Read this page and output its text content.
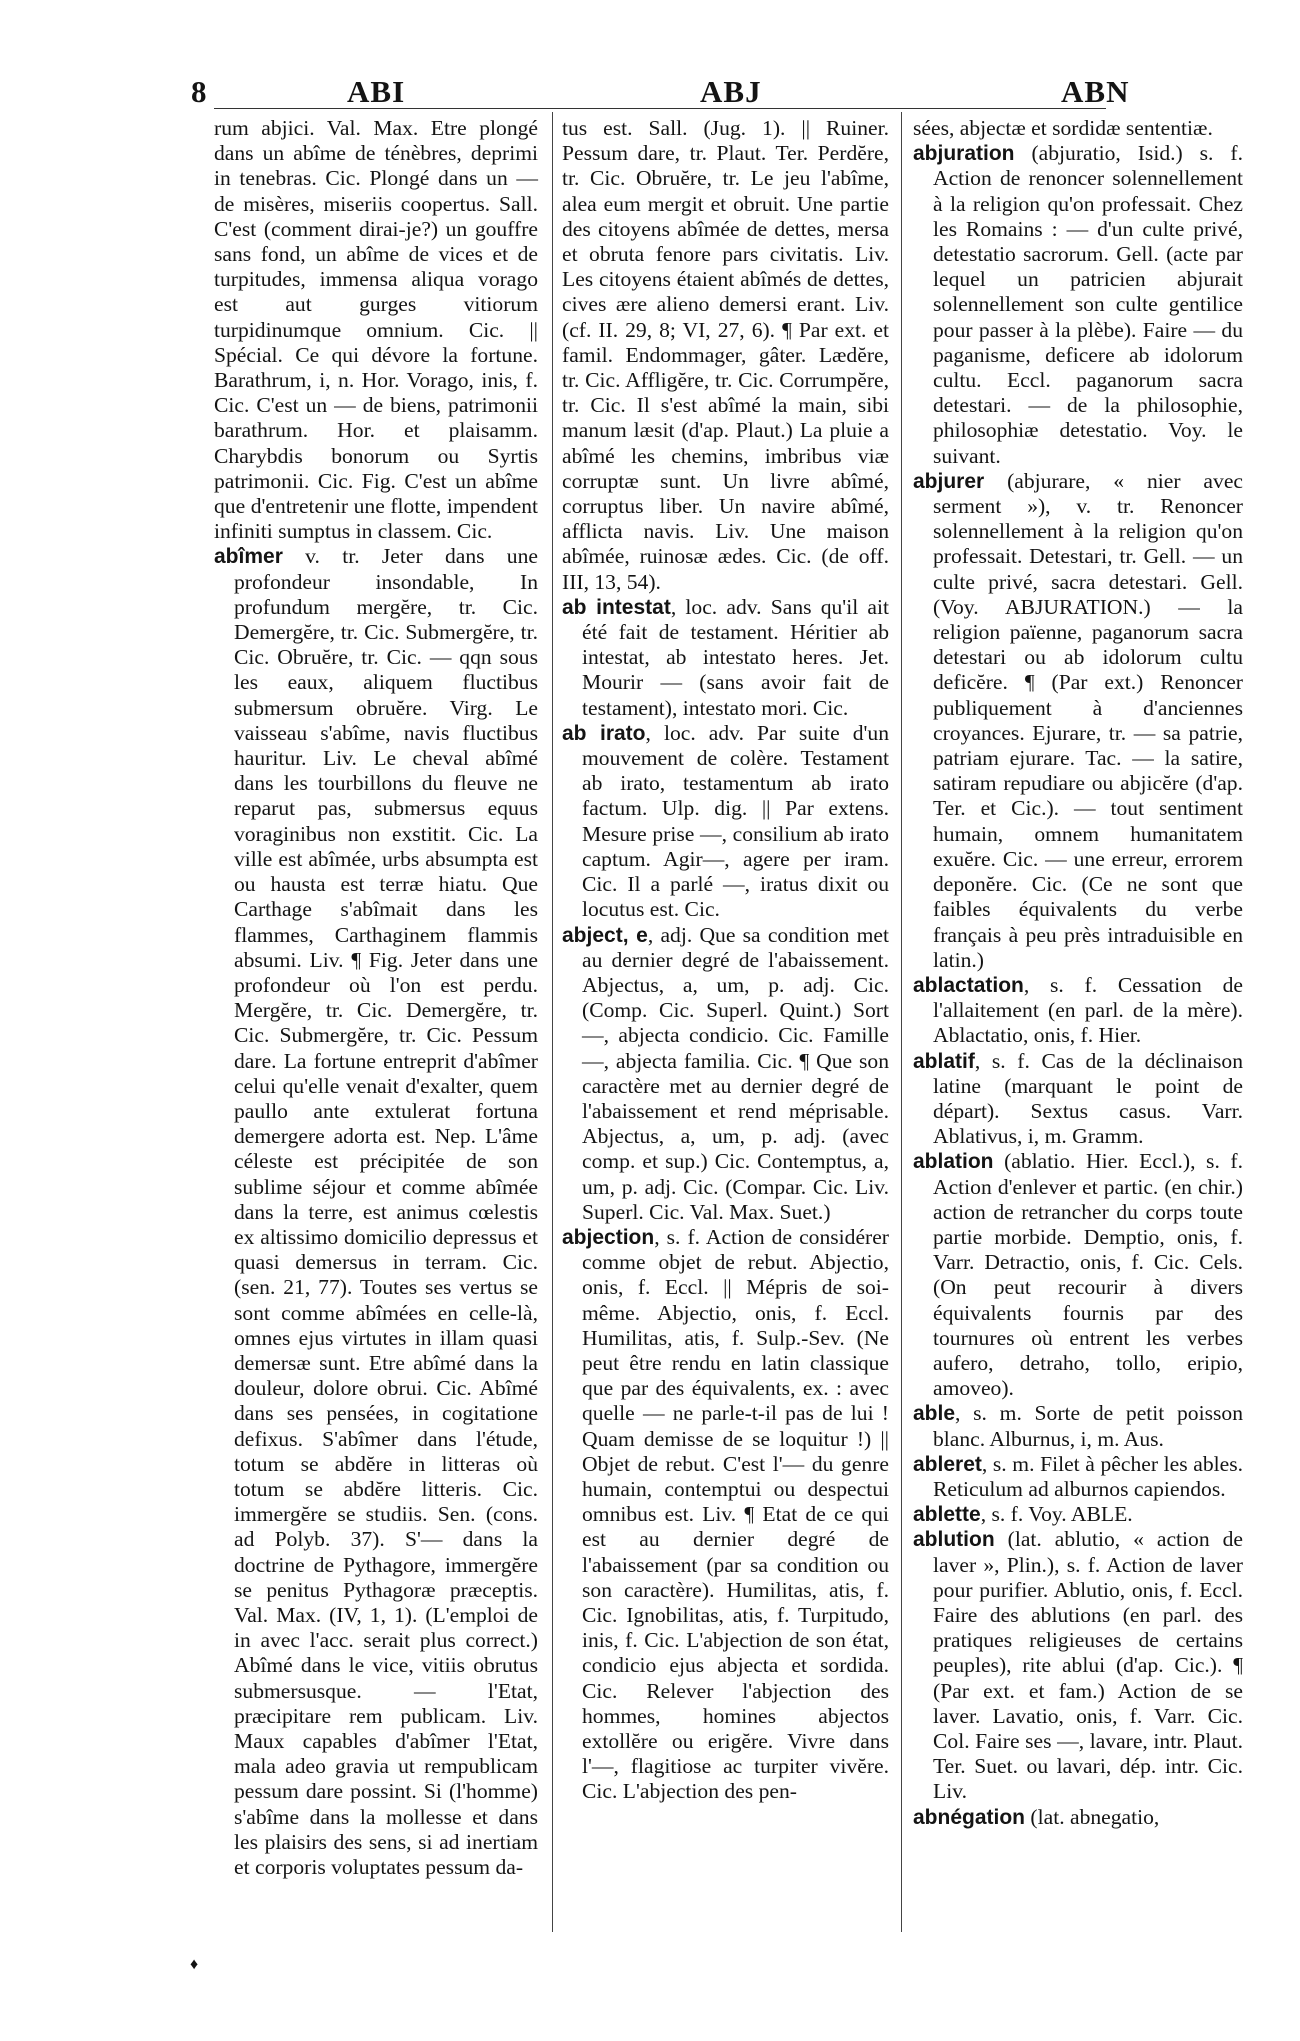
8	ABI	ABJ	ABN

rum abjici. Val. Max. Etre plongé dans un abîme de ténèbres, deprimi in tenebras. Cic. Plongé dans un — de misères, miseriis coopertus. Sall. C'est (comment dirai-je?) un gouffre sans fond, un abîme de vices et de turpitudes, immensa aliqua vorago est aut gurges vitiorum turpidinumque omnium. Cic. || Spécial. Ce qui dévore la fortune. Barathrum, i, n. Hor. Vorago, inis, f. Cic. C'est un — de biens, patrimonii barathrum. Hor. et plaisamm. Charybdis bonorum ou Syrtis patrimonii. Cic. Fig. C'est un abîme que d'entretenir une flotte, impendent infiniti sumptus in classem. Cic.

abîmer v. tr. Jeter dans une profondeur insondable, In profundum mergĕre, tr. Cic. Demergĕre, tr. Cic. Submergĕre, tr. Cic. Obruĕre, tr. Cic. — qqn sous les eaux, aliquem fluctibus submersum obruĕre. Virg. Le vaisseau s'abîme, navis fluctibus hauritur. Liv. Le cheval abîmé dans les tourbillons du fleuve ne reparut pas, submersus equus voraginibus non exstitit. Cic. La ville est abîmée, urbs absumpta est ou hausta est terræ hiatu. Que Carthage s'abîmait dans les flammes, Carthaginem flammis absumi. Liv. ¶ Fig. Jeter dans une profondeur où l'on est perdu. Mergĕre, tr. Cic. Demergĕre, tr. Cic. Submergĕre, tr. Cic. Pessum dare. La fortune entreprit d'abîmer celui qu'elle venait d'exalter, quem paullo ante extulerat fortuna demergere adorta est. Nep. L'âme céleste est précipitée de son sublime séjour et comme abîmée dans la terre, est animus cœlestis ex altissimo domicilio depressus et quasi demersus in terram. Cic. (sen. 21, 77). Toutes ses vertus se sont comme abîmées en celle-là, omnes ejus virtutes in illam quasi demersæ sunt. Etre abîmé dans la douleur, dolore obrui. Cic. Abîmé dans ses pensées, in cogitatione defixus. S'abîmer dans l'étude, totum se abdĕre in litteras où totum se abdĕre litteris. Cic. immergĕre se studiis. Sen. (cons. ad Polyb. 37). S'— dans la doctrine de Pythagore, immergĕre se penitus Pythagoræ præceptis. Val. Max. (IV, 1, 1). (L'emploi de in avec l'acc. serait plus correct.) Abîmé dans le vice, vitiis obrutus submersusque. — l'Etat, præcipitare rem publicam. Liv. Maux capables d'abîmer l'Etat, mala adeo gravia ut rempublicam pessum dare possint. Si (l'homme) s'abîme dans la mollesse et dans les plaisirs des sens, si ad inertiam et corporis voluptates pessum da-

tus est. Sall. (Jug. 1). || Ruiner. Pessum dare, tr. Plaut. Ter. Perdĕre, tr. Cic. Obruĕre, tr. Le jeu l'abîme, alea eum mergit et obruit. Une partie des citoyens abîmée de dettes, mersa et obruta fenore pars civitatis. Liv. Les citoyens étaient abîmés de dettes, cives ære alieno demersi erant. Liv. (cf. II. 29, 8; VI, 27, 6). ¶ Par ext. et famil. Endommager, gâter. Lædĕre, tr. Cic. Affligĕre, tr. Cic. Corrumpĕre, tr. Cic. Il s'est abîmé la main, sibi manum læsit (d'ap. Plaut.) La pluie a abîmé les chemins, imbribus viæ corruptæ sunt. Un livre abîmé, corruptus liber. Un navire abîmé, afflicta navis. Liv. Une maison abîmée, ruinosæ ædes. Cic. (de off. III, 13, 54).

ab intestat, loc. adv. Sans qu'il ait été fait de testament. Héritier ab intestat, ab intestato heres. Jet. Mourir — (sans avoir fait de testament), intestato mori. Cic.

ab irato, loc. adv. Par suite d'un mouvement de colère. Testament ab irato, testamentum ab irato factum. Ulp. dig. || Par extens. Mesure prise —, consilium ab irato captum. Agir—, agere per iram. Cic. Il a parlé —, iratus dixit ou locutus est. Cic.

abject, e, adj. Que sa condition met au dernier degré de l'abaissement. Abjectus, a, um, p. adj. Cic. (Comp. Cic. Superl. Quint.) Sort —, abjecta condicio. Cic. Famille —, abjecta familia. Cic. ¶ Que son caractère met au dernier degré de l'abaissement et rend méprisable. Abjectus, a, um, p. adj. (avec comp. et sup.) Cic. Contemptus, a, um, p. adj. Cic. (Compar. Cic. Liv. Superl. Cic. Val. Max. Suet.)

abjection, s. f. Action de considérer comme objet de rebut. Abjectio, onis, f. Eccl. || Mépris de soi-même. Abjectio, onis, f. Eccl. Humilitas, atis, f. Sulp.-Sev. (Ne peut être rendu en latin classique que par des équivalents, ex. : avec quelle — ne parle-t-il pas de lui ! Quam demisse de se loquitur !) || Objet de rebut. C'est l'— du genre humain, contemptui ou despectui omnibus est. Liv. ¶ Etat de ce qui est au dernier degré de l'abaissement (par sa condition ou son caractère). Humilitas, atis, f. Cic. Ignobilitas, atis, f. Turpitudo, inis, f. Cic. L'abjection de son état, condicio ejus abjecta et sordida. Cic. Relever l'abjection des hommes, homines abjectos extollĕre ou erigĕre. Vivre dans l'—, flagitiose ac turpiter vivĕre. Cic. L'abjection des pen-

sées, abjectæ et sordidæ sententiæ.

abjuration (abjuratio, Isid.) s. f. Action de renoncer solennellement à la religion qu'on professait. Chez les Romains : — d'un culte privé, detestatio sacrorum. Gell. (acte par lequel un patricien abjurait solennellement son culte gentilice pour passer à la plèbe). Faire — du paganisme, deficere ab idolorum cultu. Eccl. paganorum sacra detestari. — de la philosophie, philosophiæ detestatio. Voy. le suivant.

abjurer (abjurare, « nier avec serment »), v. tr. Renoncer solennellement à la religion qu'on professait. Detestari, tr. Gell. — un culte privé, sacra detestari. Gell. (Voy. ABJURATION.) — la religion païenne, paganorum sacra detestari ou ab idolorum cultu deficĕre. ¶ (Par ext.) Renoncer publiquement à d'anciennes croyances. Ejurare, tr. — sa patrie, patriam ejurare. Tac. — la satire, satiram repudiare ou abjicĕre (d'ap. Ter. et Cic.). — tout sentiment humain, omnem humanitatem exuĕre. Cic. — une erreur, errorem deponĕre. Cic. (Ce ne sont que faibles équivalents du verbe français à peu près intraduisible en latin.)

ablactation, s. f. Cessation de l'allaitement (en parl. de la mère). Ablactatio, onis, f. Hier.

ablatif, s. f. Cas de la déclinaison latine (marquant le point de départ). Sextus casus. Varr. Ablativus, i, m. Gramm.

ablation (ablatio. Hier. Eccl.), s. f. Action d'enlever et partic. (en chir.) action de retrancher du corps toute partie morbide. Demptio, onis, f. Varr. Detractio, onis, f. Cic. Cels. (On peut recourir à divers équivalents fournis par des tournures où entrent les verbes aufero, detraho, tollo, eripio, amoveo).

able, s. m. Sorte de petit poisson blanc. Alburnus, i, m. Aus.

ableret, s. m. Filet à pêcher les ables. Reticulum ad alburnos capiendos.

ablette, s. f. Voy. ABLE.

ablution (lat. ablutio, « action de laver », Plin.), s. f. Action de laver pour purifier. Ablutio, onis, f. Eccl. Faire des ablutions (en parl. des pratiques religieuses de certains peuples), rite ablui (d'ap. Cic.). ¶ (Par ext. et fam.) Action de se laver. Lavatio, onis, f. Varr. Cic. Col. Faire ses —, lavare, intr. Plaut. Ter. Suet. ou lavari, dép. intr. Cic. Liv.

abnégation (lat. abnegatio,

♦
